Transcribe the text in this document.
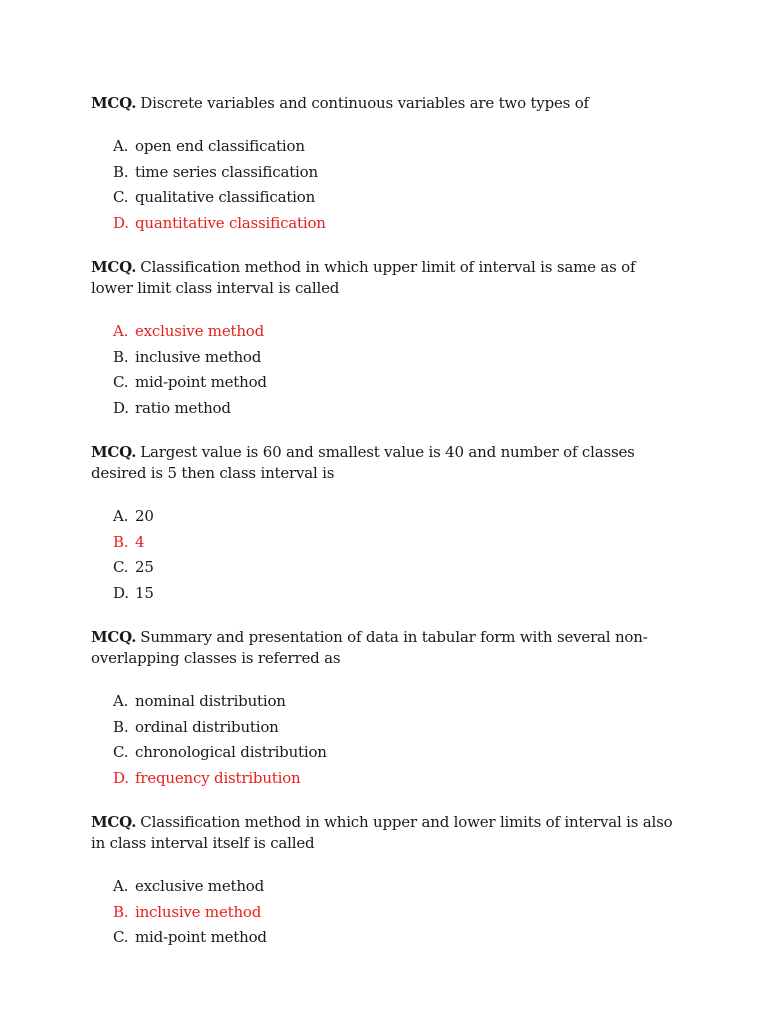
MCQ. Discrete variables and continuous variables are two types of

A. open end classification
B. time series classification
C. qualitative classification
D. quantitative classification

MCQ. Classification method in which upper limit of interval is same as of lower limit class interval is called

A. exclusive method
B. inclusive method
C. mid-point method
D. ratio method

MCQ. Largest value is 60 and smallest value is 40 and number of classes desired is 5 then class interval is

A. 20
B. 4
C. 25
D. 15

MCQ. Summary and presentation of data in tabular form with several non-overlapping classes is referred as

A. nominal distribution
B. ordinal distribution
C. chronological distribution
D. frequency distribution

MCQ. Classification method in which upper and lower limits of interval is also in class interval itself is called

A. exclusive method
B. inclusive method
C. mid-point method
